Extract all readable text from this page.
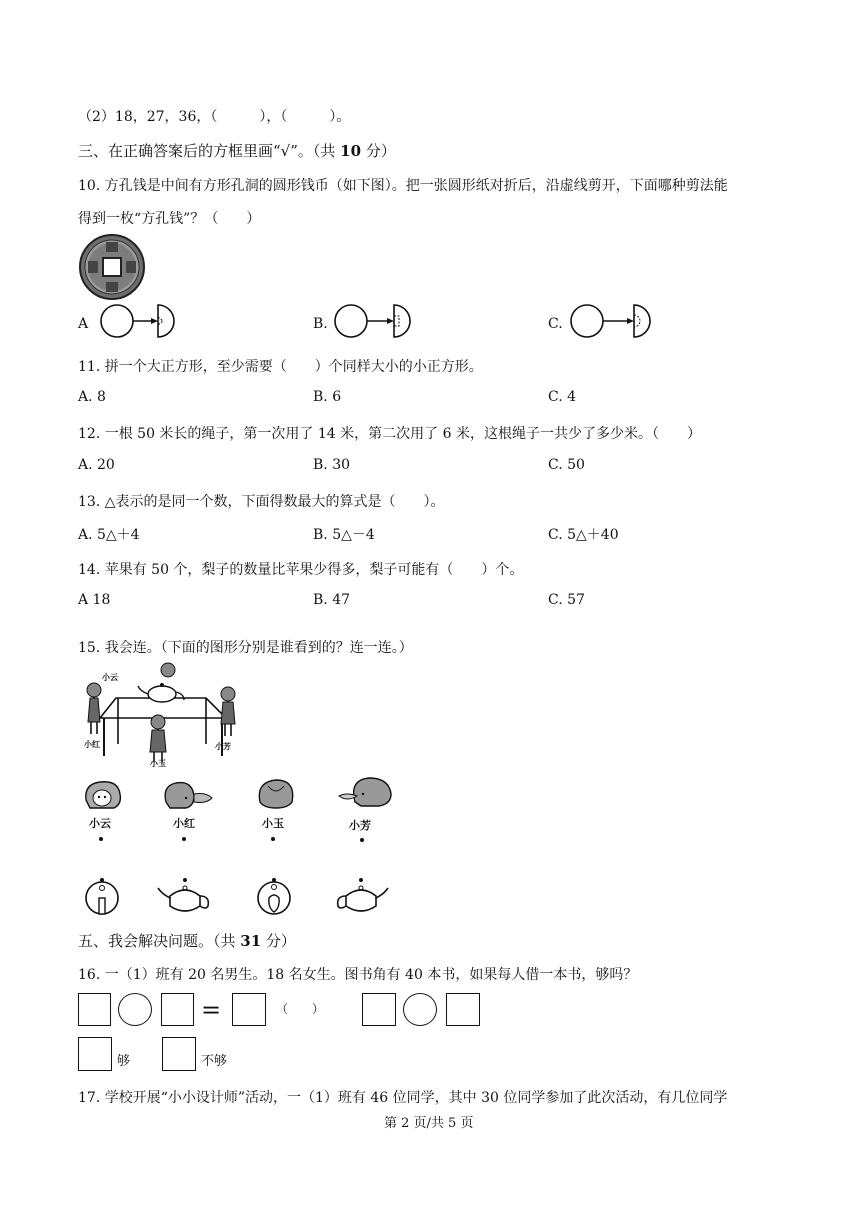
（2）18，27，36，（　　　），（　　　）。
三、在正确答案后的方框里画“√”。（共 10 分）
10. 方孔钱是中间有方形孔洞的圆形钱币（如下图）。把一张圆形纸对折后，沿虚线剪开，下面哪种剪法能
得到一枚“方孔钱”？（　　）
A	B.	C.
11. 拼一个大正方形，至少需要（　　）个同样大小的小正方形。
A. 8	B. 6	C. 4
12. 一根 50 米长的绳子，第一次用了 14 米，第二次用了 6 米，这根绳子一共少了多少米。（　　）
A. 20	B. 30	C. 50
13. △表示的是同一个数，下面得数最大的算式是（　　）。
A. 5△＋4	B. 5△－4	C. 5△＋40
14. 苹果有 50 个，梨子的数量比苹果少得多，梨子可能有（　　）个。
A 18	B. 47	C. 57
15. 我会连。（下面的图形分别是谁看到的？连一连。）
小云
小红
小玉
小芳
小云	小红	小玉	小芳
五、我会解决问题。（共 31 分）
16. 一（1）班有 20 名男生。18 名女生。图书角有 40 本书，如果每人借一本书，够吗？
=	（　　）
够	不够
17. 学校开展“小小设计师”活动，一（1）班有 46 位同学，其中 30 位同学参加了此次活动，有几位同学
第 2 页/共 5 页
